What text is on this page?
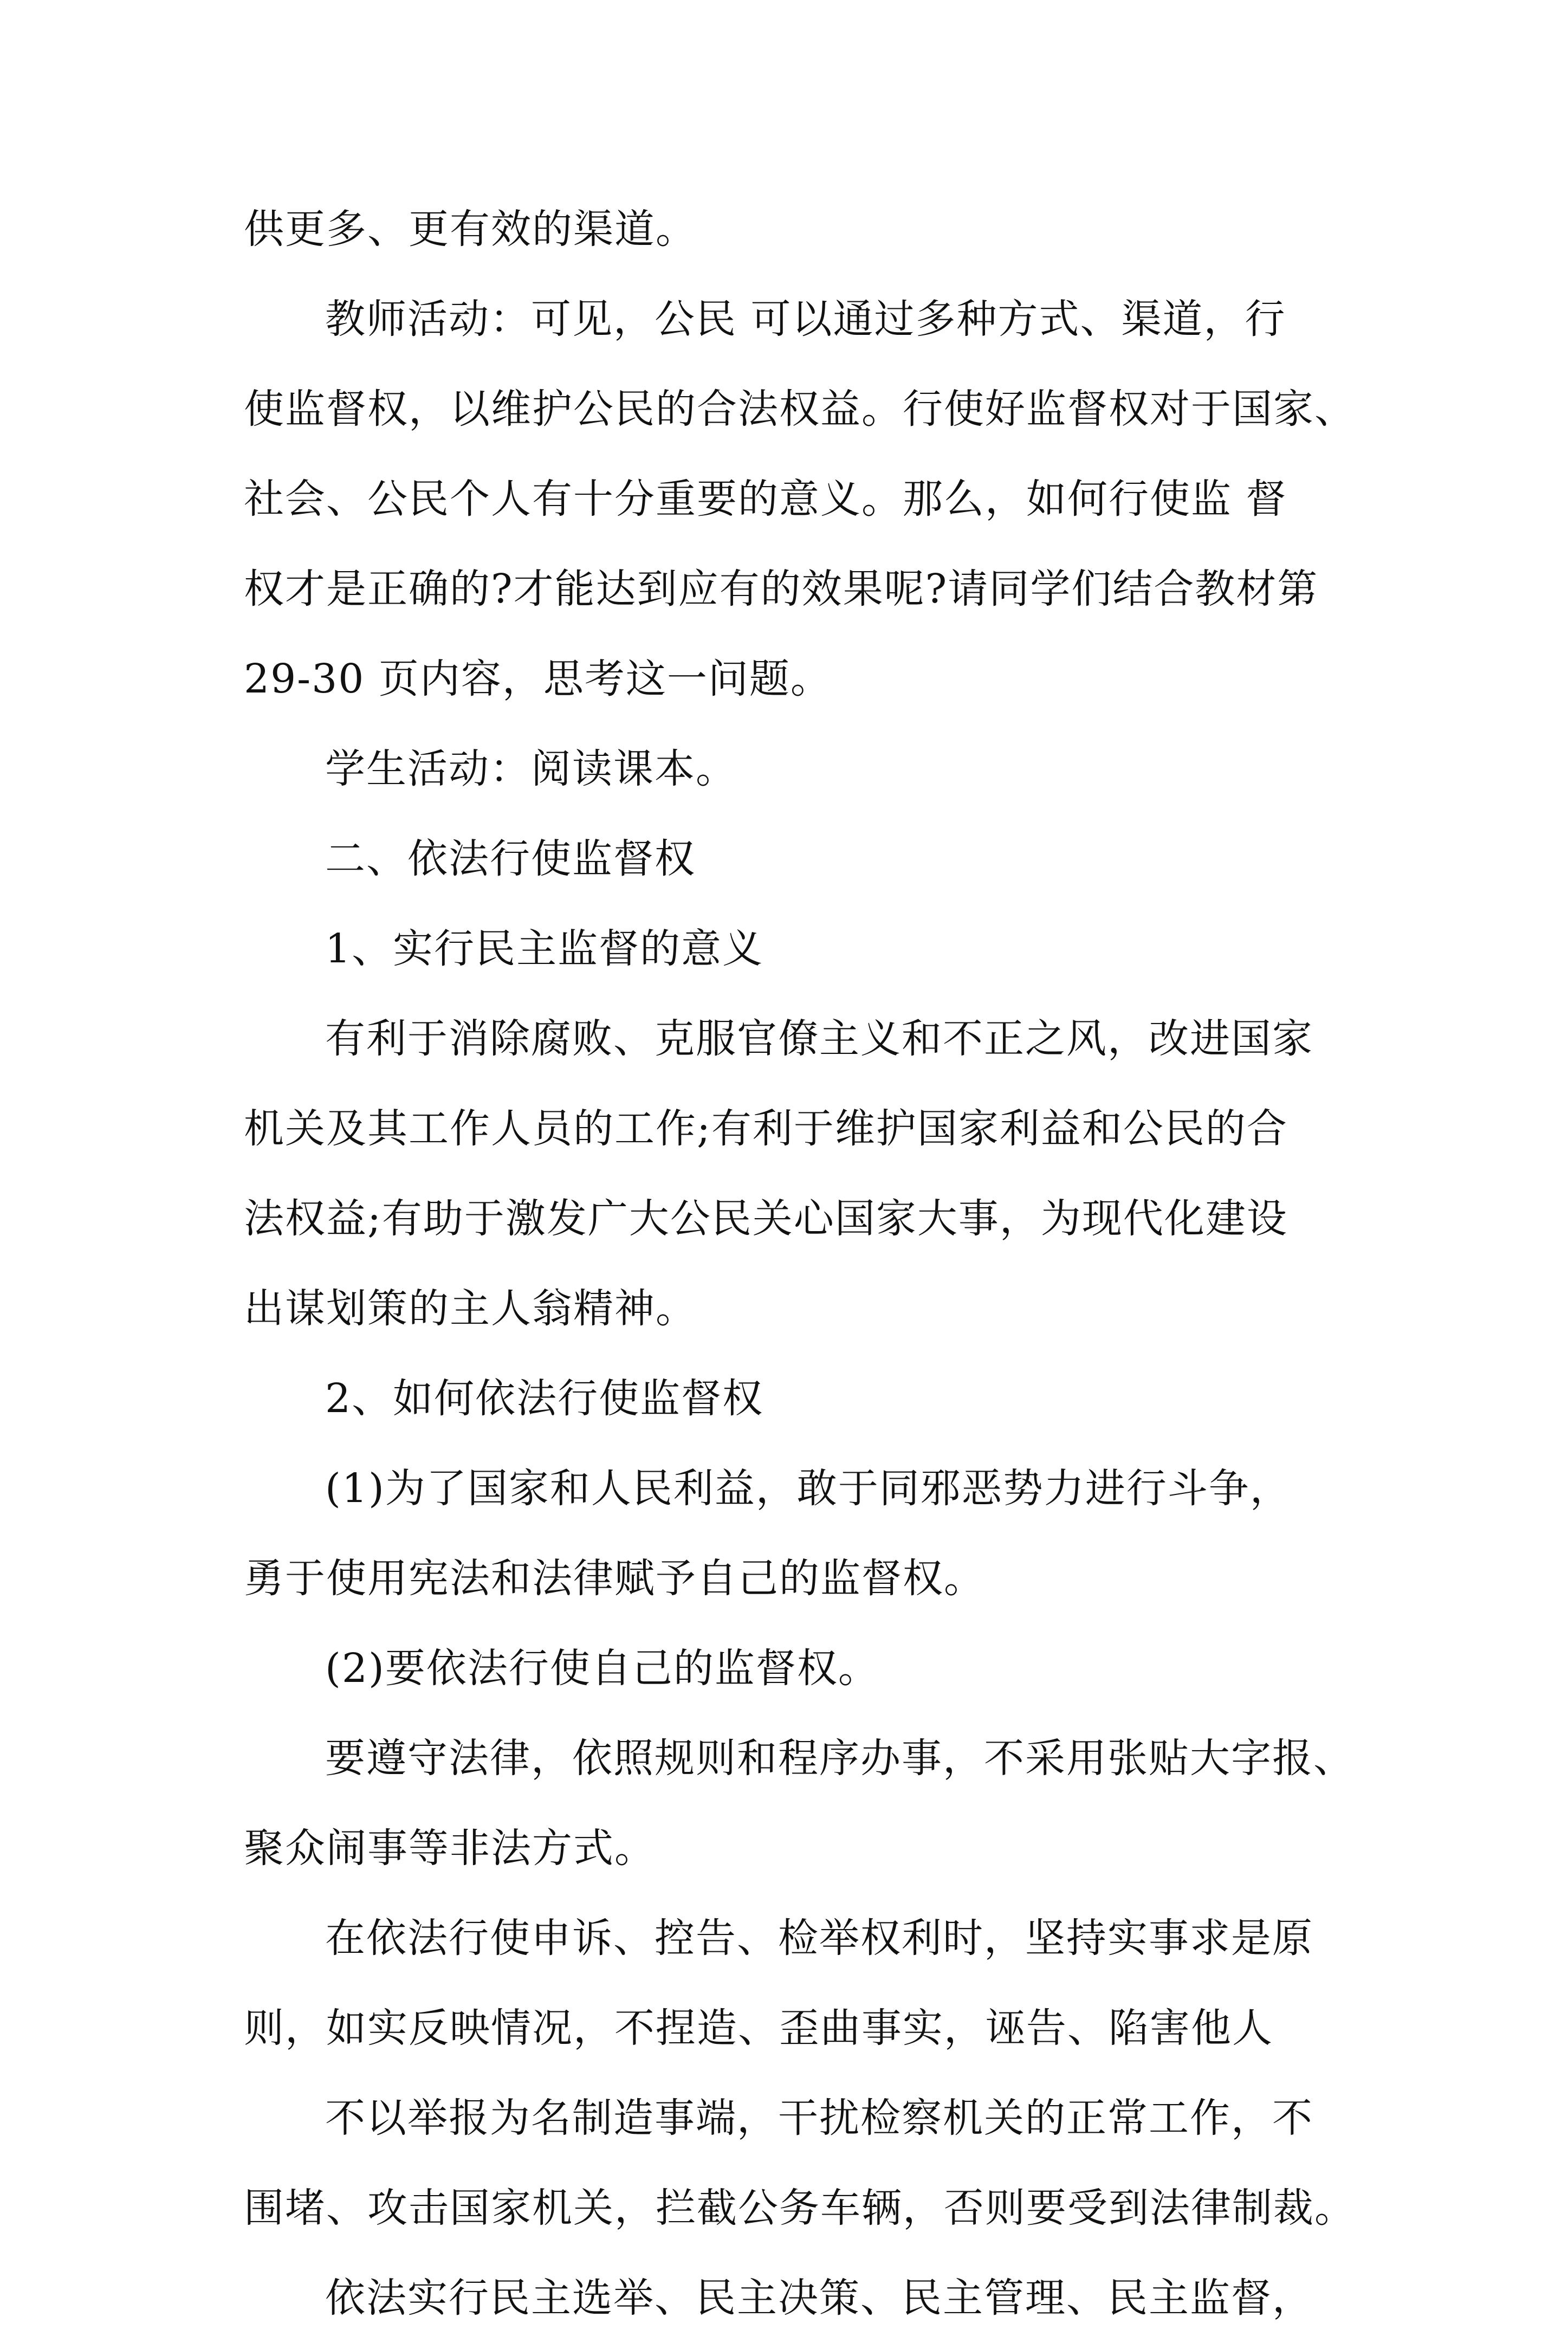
供更多、更有效的渠道。
教师活动：可见，公民 可以通过多种方式、渠道，行
使监督权，以维护公民的合法权益。行使好监督权对于国家、
社会、公民个人有十分重要的意义。那么，如何行使监 督
权才是正确的?才能达到应有的效果呢?请同学们结合教材第
29-30 页内容，思考这一问题。
学生活动：阅读课本。
二、依法行使监督权
1、实行民主监督的意义
有利于消除腐败、克服官僚主义和不正之风，改进国家
机关及其工作人员的工作;有利于维护国家利益和公民的合
法权益;有助于激发广大公民关心国家大事，为现代化建设
出谋划策的主人翁精神。
2、如何依法行使监督权
(1)为了国家和人民利益，敢于同邪恶势力进行斗争，
勇于使用宪法和法律赋予自己的监督权。
(2)要依法行使自己的监督权。
要遵守法律，依照规则和程序办事，不采用张贴大字报、
聚众闹事等非法方式。
在依法行使申诉、控告、检举权利时，坚持实事求是原
则，如实反映情况，不捏造、歪曲事实，诬告、陷害他人
不以举报为名制造事端，干扰检察机关的正常工作，不
围堵、攻击国家机关，拦截公务车辆，否则要受到法律制裁。
依法实行民主选举、民主决策、民主管理、民主监督，
